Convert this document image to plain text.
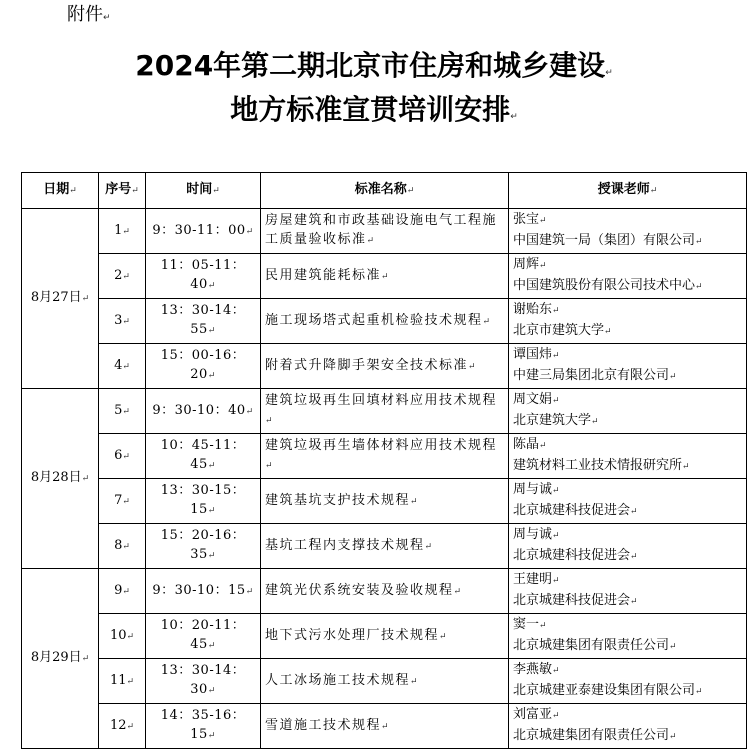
附件↵
2024年第二期北京市住房和城乡建设↵
地方标准宣贯培训安排↵
日期↵	序号↵	时间↵	标准名称↵	授课老师↵
8月27日↵	1↵	9：30-11：00↵	房屋建筑和市政基础设施电气工程施工质量验收标准↵	张宝↵
中国建筑一局（集团）有限公司↵

	2↵	11：05-11：40↵	民用建筑能耗标准↵	周辉↵
中国建筑股份有限公司技术中心↵

	3↵	13：30-14：55↵	施工现场塔式起重机检验技术规程↵	谢贻东↵
北京市建筑大学↵

	4↵	15：00-16：20↵	附着式升降脚手架安全技术标准↵	谭国炜↵
中建三局集团北京有限公司↵

8月28日↵	5↵	9：30-10：40↵	建筑垃圾再生回填材料应用技术规程↵	周文娟↵
北京建筑大学↵

	6↵	10：45-11：45↵	建筑垃圾再生墙体材料应用技术规程↵	陈晶↵
建筑材料工业技术情报研究所↵

	7↵	13：30-15：15↵	建筑基坑支护技术规程↵	周与诚↵
北京城建科技促进会↵

	8↵	15：20-16：35↵	基坑工程内支撑技术规程↵	周与诚↵
北京城建科技促进会↵

8月29日↵	9↵	9：30-10：15↵	建筑光伏系统安装及验收规程↵	王建明↵
北京城建科技促进会↵

	10↵	10：20-11：45↵	地下式污水处理厂技术规程↵	窦一↵
北京城建集团有限责任公司↵

	11↵	13：30-14：30↵	人工冰场施工技术规程↵	李燕敏↵
北京城建亚泰建设集团有限公司↵

	12↵	14：35-16：15↵	雪道施工技术规程↵	刘富亚↵
北京城建集团有限责任公司↵
